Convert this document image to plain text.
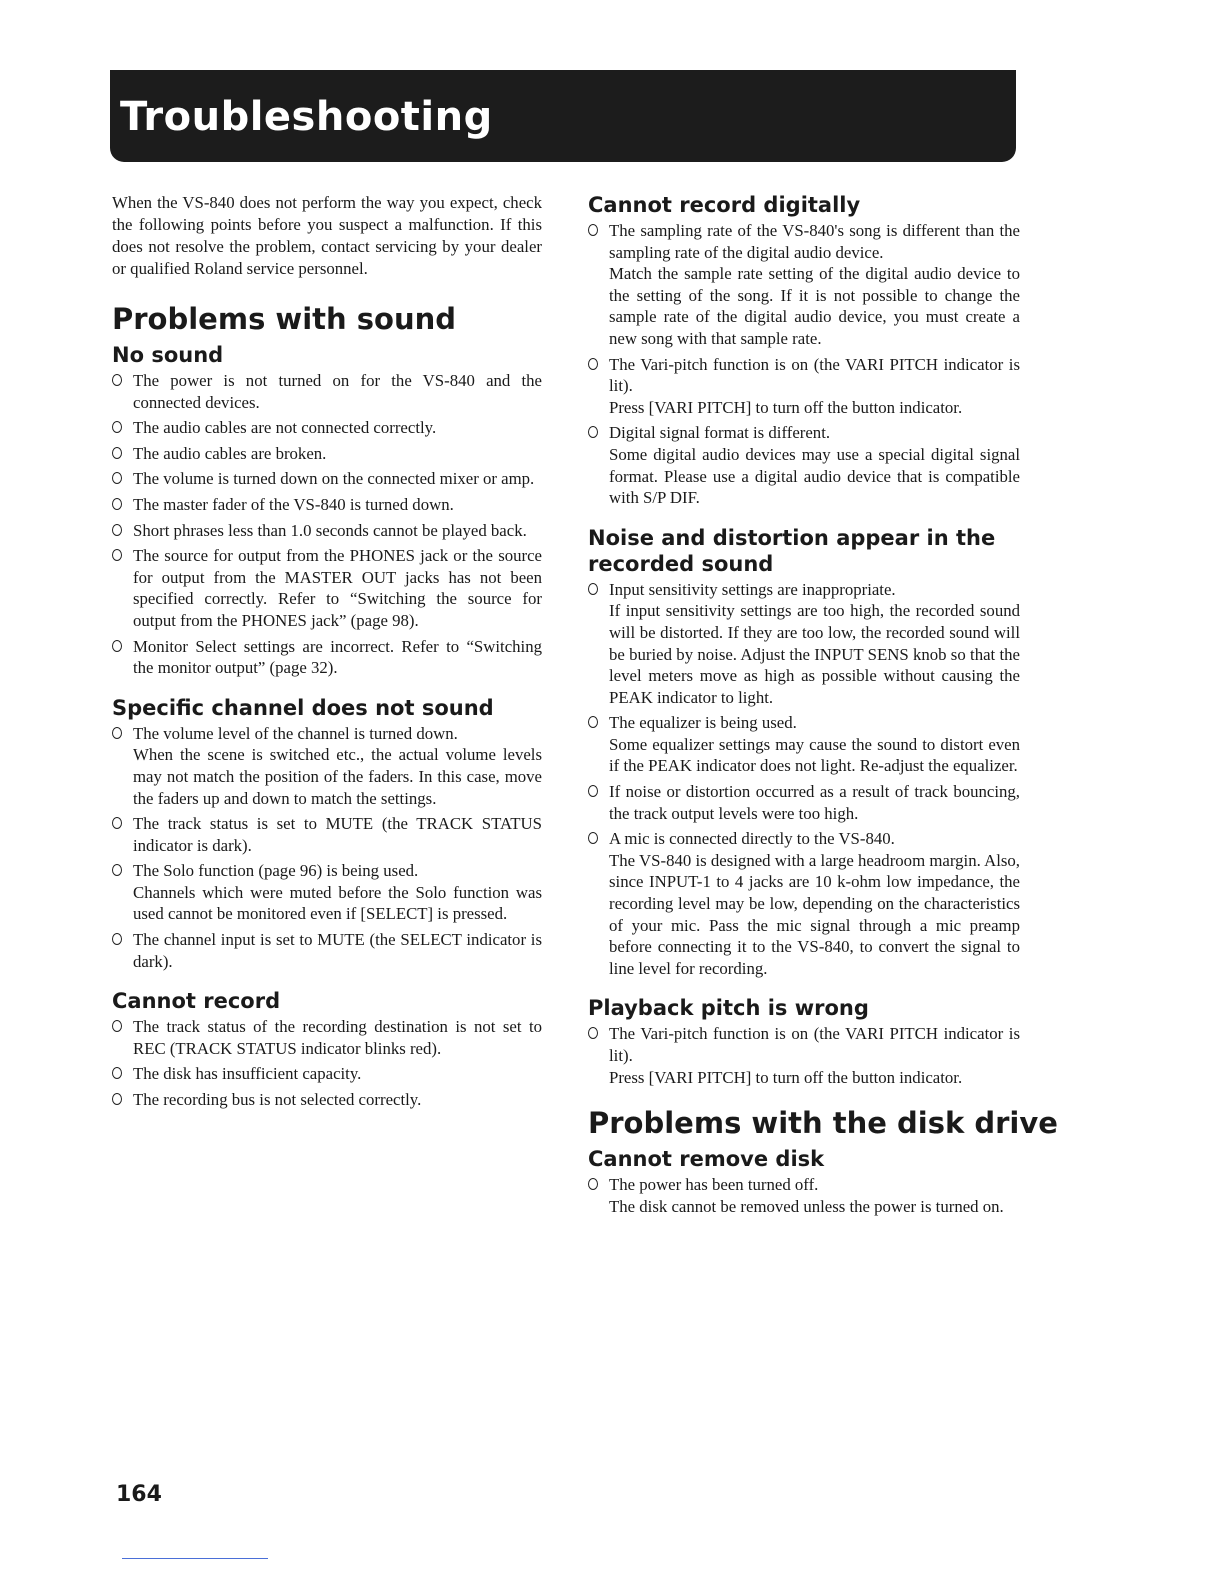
Troubleshooting

When the VS-840 does not perform the way you expect, check the following points before you suspect a malfunction. If this does not resolve the problem, contact servicing by your dealer or qualified Roland service personnel.

Problems with sound
No sound
The power is not turned on for the VS-840 and the connected devices.
The audio cables are not connected correctly.
The audio cables are broken.
The volume is turned down on the connected mixer or amp.
The master fader of the VS-840 is turned down.
Short phrases less than 1.0 seconds cannot be played back.
The source for output from the PHONES jack or the source for output from the MASTER OUT jacks has not been specified correctly. Refer to “Switching the source for output from the PHONES jack” (page 98).
Monitor Select settings are incorrect. Refer to “Switching the monitor output” (page 32).
Specific channel does not sound
The volume level of the channel is turned down.
When the scene is switched etc., the actual volume levels may not match the position of the faders. In this case, move the faders up and down to match the settings.
The track status is set to MUTE (the TRACK STATUS indicator is dark).
The Solo function (page 96) is being used.
Channels which were muted before the Solo function was used cannot be monitored even if [SELECT] is pressed.
The channel input is set to MUTE (the SELECT indicator is dark).
Cannot record
The track status of the recording destination is not set to REC (TRACK STATUS indicator blinks red).
The disk has insufficient capacity.
The recording bus is not selected correctly.
Cannot record digitally
The sampling rate of the VS-840's song is different than the sampling rate of the digital audio device.
Match the sample rate setting of the digital audio device to the setting of the song. If it is not possible to change the sample rate of the digital audio device, you must create a new song with that sample rate.
The Vari-pitch function is on (the VARI PITCH indicator is lit).
Press [VARI PITCH] to turn off the button indicator.
Digital signal format is different.
Some digital audio devices may use a special digital signal format. Please use a digital audio device that is compatible with S/P DIF.
Noise and distortion appear in the recorded sound
Input sensitivity settings are inappropriate.
If input sensitivity settings are too high, the recorded sound will be distorted. If they are too low, the recorded sound will be buried by noise. Adjust the INPUT SENS knob so that the level meters move as high as possible without causing the PEAK indicator to light.
The equalizer is being used.
Some equalizer settings may cause the sound to distort even if the PEAK indicator does not light. Re-adjust the equalizer.
If noise or distortion occurred as a result of track bouncing, the track output levels were too high.
A mic is connected directly to the VS-840.
The VS-840 is designed with a large headroom margin. Also, since INPUT-1 to 4 jacks are 10 k-ohm low impedance, the recording level may be low, depending on the characteristics of your mic. Pass the mic signal through a mic preamp before connecting it to the VS-840, to convert the signal to line level for recording.
Playback pitch is wrong
The Vari-pitch function is on (the VARI PITCH indicator is lit).
Press [VARI PITCH] to turn off the button indicator.
Problems with the disk drive
Cannot remove disk
The power has been turned off.
The disk cannot be removed unless the power is turned on.
164
